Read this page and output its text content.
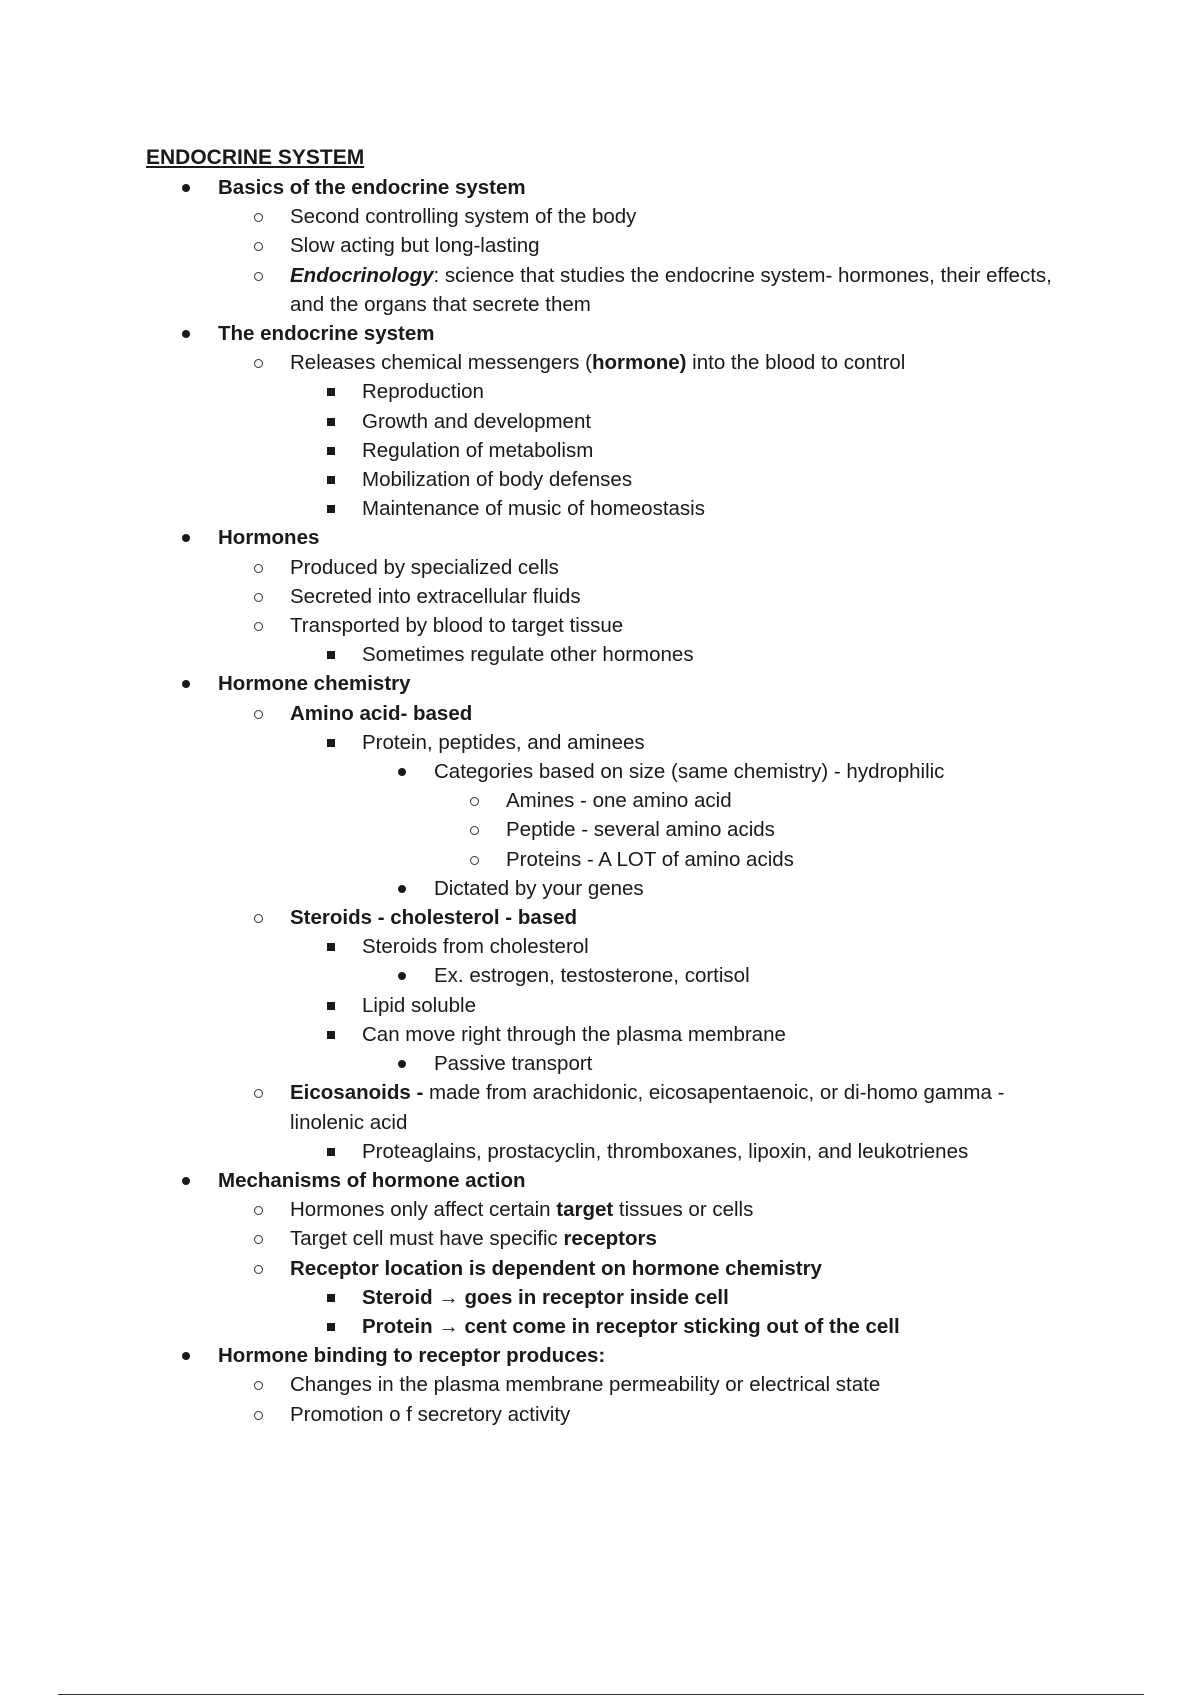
ENDOCRINE SYSTEM
Basics of the endocrine system
Second controlling system of the body
Slow acting but long-lasting
Endocrinology: science that studies the endocrine system- hormones, their effects, and the organs that secrete them
The endocrine system
Releases chemical messengers (hormone) into the blood to control
Reproduction
Growth and development
Regulation of metabolism
Mobilization of body defenses
Maintenance of music of homeostasis
Hormones
Produced by specialized cells
Secreted into extracellular fluids
Transported by blood to target tissue
Sometimes regulate other hormones
Hormone chemistry
Amino acid- based
Protein, peptides, and aminees
Categories based on size (same chemistry) - hydrophilic
Amines - one amino acid
Peptide - several amino acids
Proteins - A LOT of amino acids
Dictated by your genes
Steroids - cholesterol - based
Steroids from cholesterol
Ex. estrogen, testosterone, cortisol
Lipid soluble
Can move right through the plasma membrane
Passive transport
Eicosanoids - made from arachidonic, eicosapentaenoic, or di-homo gamma - linolenic acid
Proteaglains, prostacyclin, thromboxanes, lipoxin, and leukotrienes
Mechanisms of hormone action
Hormones only affect certain target tissues or cells
Target cell must have specific receptors
Receptor location is dependent on hormone chemistry
Steroid → goes in receptor inside cell
Protein → cent come in receptor sticking out of the cell
Hormone binding to receptor produces:
Changes in the plasma membrane permeability or electrical state
Promotion o f secretory activity
